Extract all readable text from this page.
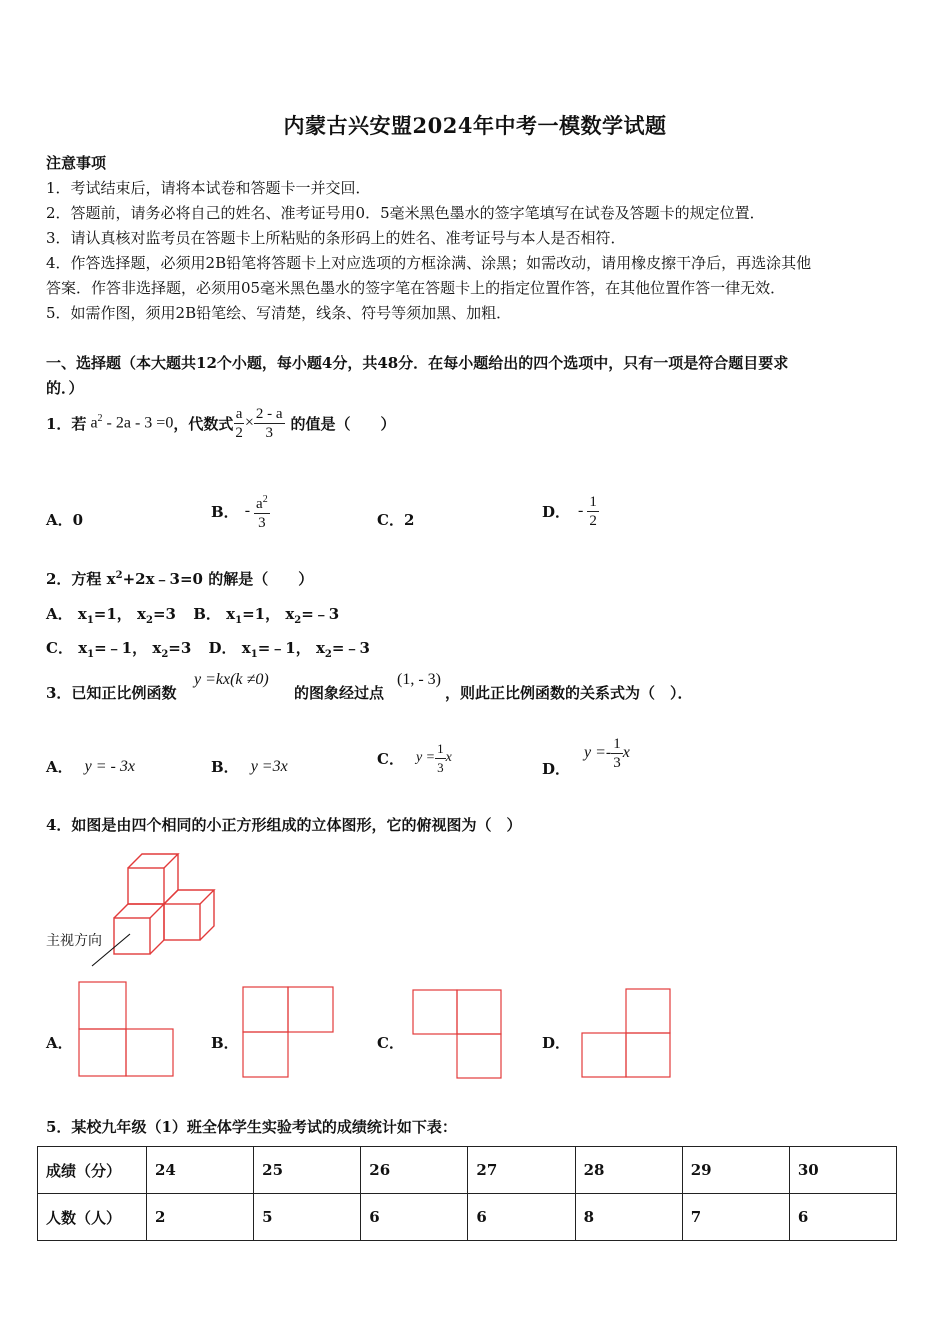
内蒙古兴安盟2024年中考一模数学试题
注意事项
1．考试结束后，请将本试卷和答题卡一并交回．
2．答题前，请务必将自己的姓名、准考证号用0．5毫米黑色墨水的签字笔填写在试卷及答题卡的规定位置．
3．请认真核对监考员在答题卡上所粘贴的条形码上的姓名、准考证号与本人是否相符．
4．作答选择题，必须用2B铅笔将答题卡上对应选项的方框涂满、涂黑；如需改动，请用橡皮擦干净后，再选涂其他
答案．作答非选择题，必须用05毫米黑色墨水的签字笔在答题卡上的指定位置作答，在其他位置作答一律无效．
5．如需作图，须用2B铅笔绘、写清楚，线条、符号等须加黑、加粗．
一、选择题（本大题共12个小题，每小题4分，共48分．在每小题给出的四个选项中，只有一项是符合题目要求
的．）
1．若 $a^2 - 2a - 3 =0$ ，代数式 $\frac{a}{2} \times \frac{2 - a}{3}$ 的值是（　　）
A．0	B． - $\frac{a^2}{3}$	C．2	D． - $\frac{1}{2}$
2．方程 $x^2+2x﹣3=0$ 的解是（　　）
A． $x_1=1$， $x_2=3$ B． $x_1=1$， $x_2=﹣3$
C． $x_1=﹣1$， $x_2=3$ D． $x_1=﹣1$， $x_2=﹣3$
3．已知正比例函数
y =kx(k ≠0)
的图象经过点
(1, - 3)
，则此正比例函数的关系式为（　）．
A． y = - 3x	B． y =3x	C． $y = \frac{1}{3}$ x
D．
$y =- \frac{1}{3}$ x
4．如图是由四个相同的小正方形组成的立体图形，它的俯视图为（　）
主视方向
A．	B．	C．	D．
5．某校九年级（1）班全体学生实验考试的成绩统计如下表：
成绩（分）	24	25	26	27	28	29	30
人数（人）	2	5	6	6	8	7	6
